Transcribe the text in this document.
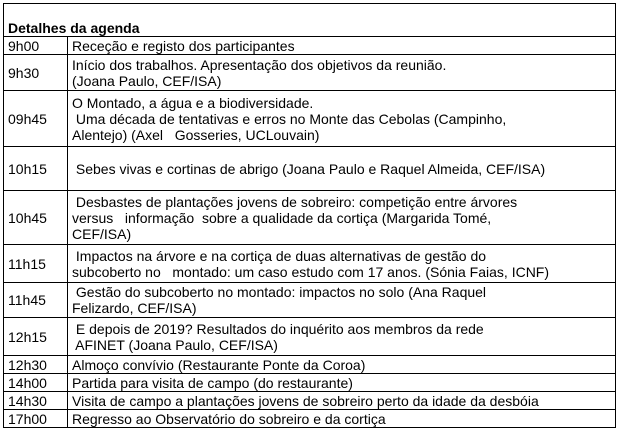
Detalhes da agenda	
9h00	Receção e registo dos participantes

9h30	Início dos trabalhos. Apresentação dos objetivos da reunião.
(Joana Paulo, CEF/ISA)

09h45	O Montado, a água e a biodiversidade.
Uma década de tentativas e erros no Monte das Cebolas (Campinho,
Alentejo) (Axel   Gosseries, UCLouvain)

10h15	Sebes vivas e cortinas de abrigo (Joana Paulo e Raquel Almeida, CEF/ISA)

10h45	Desbastes de plantações jovens de sobreiro: competição entre árvores
versus   informação  sobre a qualidade da cortiça (Margarida Tomé,
CEF/ISA)

11h15	Impactos na árvore e na cortiça de duas alternativas de gestão do
subcoberto no   montado: um caso estudo com 17 anos. (Sónia Faias, ICNF)

11h45	Gestão do subcoberto no montado: impactos no solo (Ana Raquel
Felizardo, CEF/ISA)

12h15	E depois de 2019? Resultados do inquérito aos membros da rede
AFINET (Joana Paulo, CEF/ISA)

12h30	Almoço convívio (Restaurante Ponte da Coroa)

14h00	Partida para visita de campo (do restaurante)

14h30	Visita de campo a plantações jovens de sobreiro perto da idade da desbóia

17h00	Regresso ao Observatório do sobreiro e da cortiça
